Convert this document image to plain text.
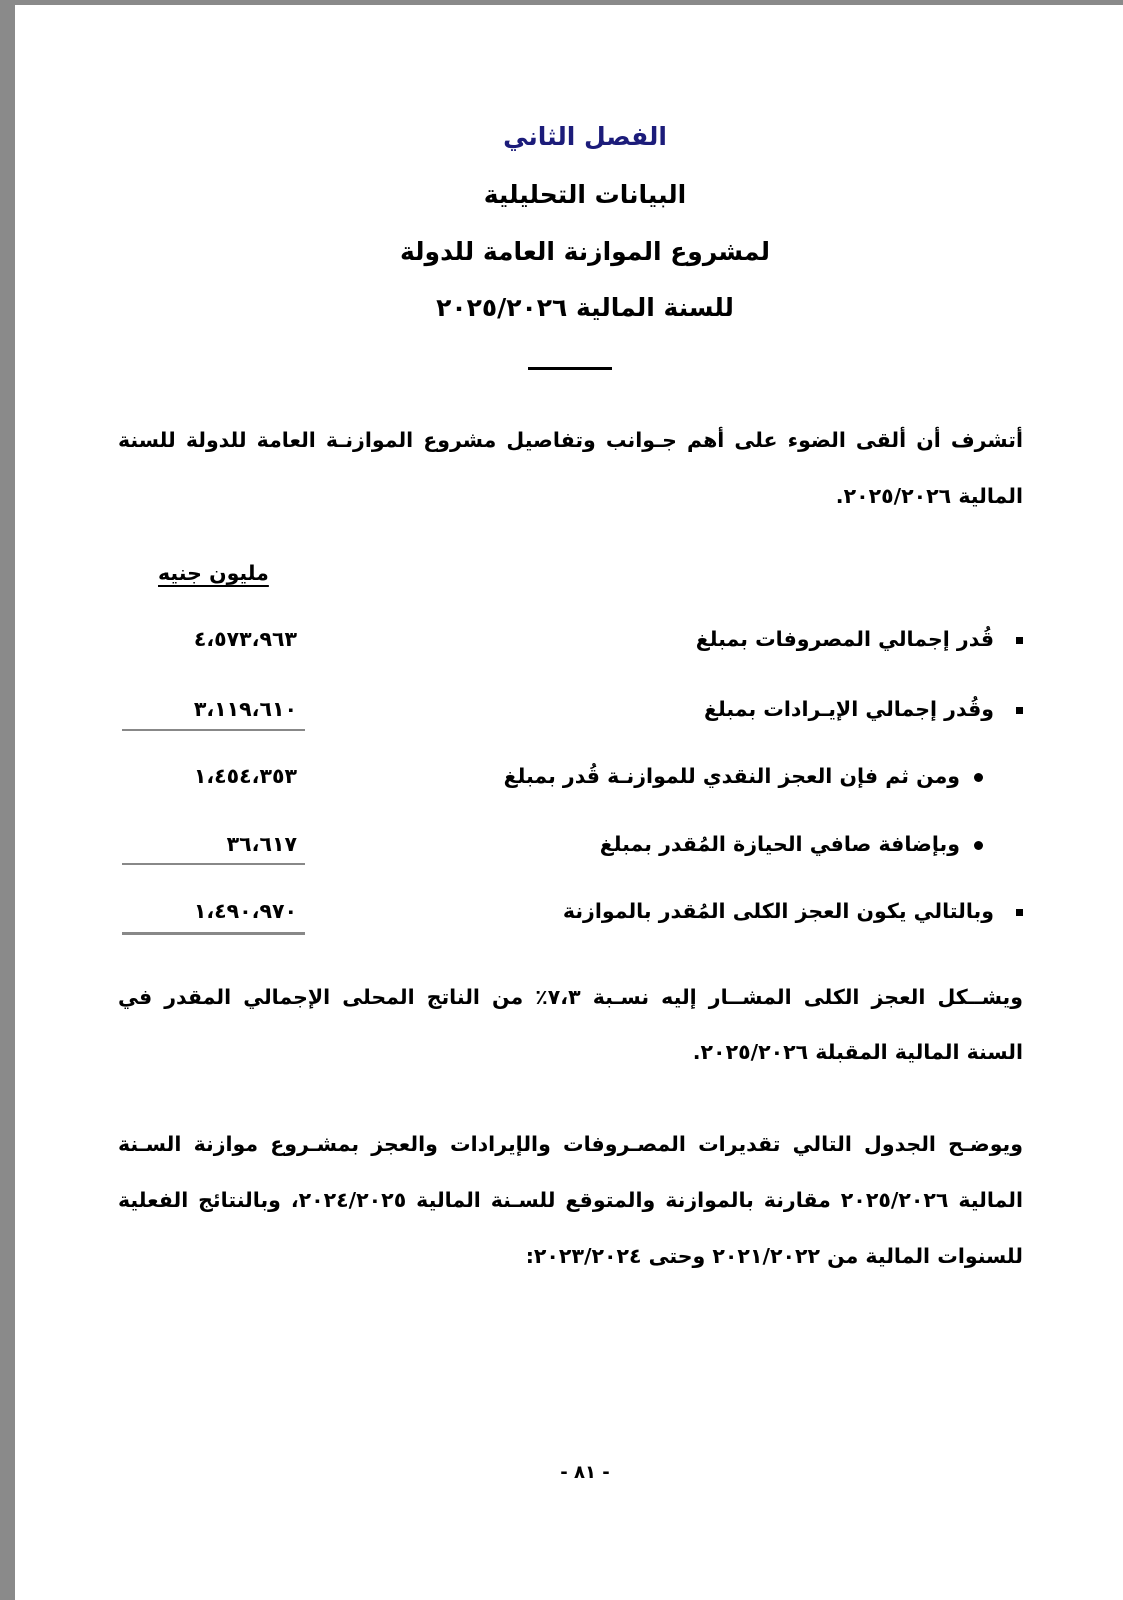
الفصل الثاني
البيانات التحليلية
لمشروع الموازنة العامة للدولة
للسنة المالية ٢٠٢٥/٢٠٢٦
أتشرف أن ألقى الضوء على أهم جـوانب وتفاصيل مشروع الموازنـة العامة للدولة للسنة
المالية ٢٠٢٥/٢٠٢٦.
مليون جنيه
قُدر إجمالي المصروفات بمبلغ
٤،٥٧٣،٩٦٣
وقُدر إجمالي الإيـرادات بمبلغ
٣،١١٩،٦١٠
ومن ثم فإن العجز النقدي للموازنـة قُدر بمبلغ
١،٤٥٤،٣٥٣
وبإضافة صافي الحيازة المُقدر بمبلغ
٣٦،٦١٧
وبالتالي يكون العجز الكلى المُقدر بالموازنة
١،٤٩٠،٩٧٠
ويشــكل العجز الكلى المشــار إليه نسـبة ٧،٣٪ من الناتج المحلى الإجمالي المقدر في
السنة المالية المقبلة ٢٠٢٥/٢٠٢٦.
ويوضـح الجدول التالي تقديرات المصـروفات والإيرادات والعجز بمشـروع موازنة السـنة
المالية ٢٠٢٥/٢٠٢٦ مقارنة بالموازنة والمتوقع للسـنة المالية ٢٠٢٤/٢٠٢٥، وبالنتائج الفعلية
للسنوات المالية من ٢٠٢١/٢٠٢٢ وحتى ٢٠٢٣/٢٠٢٤:
- ٨١ -
